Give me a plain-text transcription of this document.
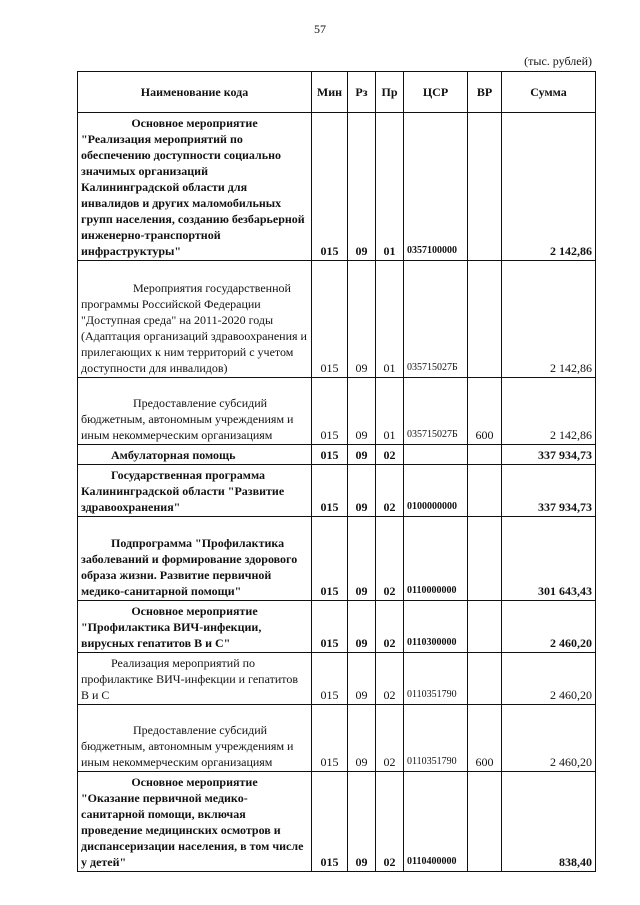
57
(тыс. рублей)
Наименование кода	Мин	Рз	Пр	ЦСР	ВР	Сумма

Основное мероприятие
"Реализация мероприятий по обеспечению доступности социально значимых организаций Калининградской области для инвалидов и других маломобильных групп населения, созданию безбарьерной инженерно-транспортной инфраструктуры"	015	09	01	0357100000		2 142,86

Мероприятия государственной программы Российской Федерации "Доступная среда" на 2011-2020 годы (Адаптация организаций здравоохранения и прилегающих к ним территорий с учетом доступности для инвалидов)	015	09	01	035715027Б		2 142,86

Предоставление субсидий бюджетным, автономным учреждениям и иным некоммерческим организациям	015	09	01	035715027Б	600	2 142,86

Амбулаторная помощь	015	09	02			337 934,73

Государственная программа Калининградской области "Развитие здравоохранения"	015	09	02	0100000000		337 934,73

Подпрограмма "Профилактика заболеваний и формирование здорового образа жизни. Развитие первичной медико-санитарной помощи"	015	09	02	0110000000		301 643,43

Основное мероприятие
"Профилактика ВИЧ-инфекции, вирусных гепатитов В и С"	015	09	02	0110300000		2 460,20

Реализация мероприятий по профилактике ВИЧ-инфекции и гепатитов В и С	015	09	02	0110351790		2 460,20

Предоставление субсидий бюджетным, автономным учреждениям и иным некоммерческим организациям	015	09	02	0110351790	600	2 460,20

Основное мероприятие
"Оказание первичной медико-санитарной помощи, включая проведение медицинских осмотров и диспансеризации населения, в том числе у детей"	015	09	02	0110400000		838,40
